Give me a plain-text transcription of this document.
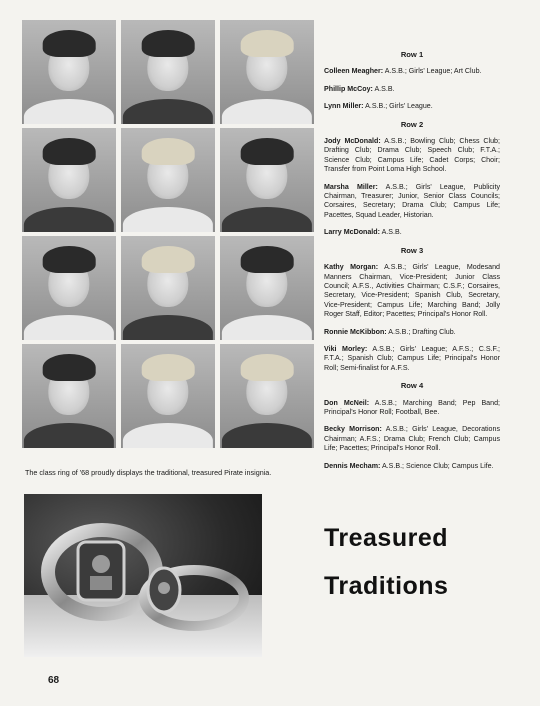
Row 1
Colleen Meagher: A.S.B.; Girls' League; Art Club.
Phillip McCoy: A.S.B.
Lynn Miller: A.S.B.; Girls' League.
Row 2
Jody McDonald: A.S.B.; Bowling Club; Chess Club; Drafting Club; Drama Club; Speech Club; F.T.A.; Science Club; Campus Life; Cadet Corps; Choir; Transfer from Point Loma High School.
Marsha Miller: A.S.B.; Girls' League, Publicity Chairman, Treasurer; Junior, Senior Class Councils; Corsaires, Secretary; Drama Club; Campus Life; Pacettes, Squad Leader, Historian.
Larry McDonald: A.S.B.
Row 3
Kathy Morgan: A.S.B.; Girls' League, Modesand Manners Chairman, Vice-President; Junior Class Council; A.F.S., Activities Chairman; C.S.F.; Corsaires, Secretary, Vice-President; Spanish Club, Secretary, Vice-President; Campus Life; Marching Band; Jolly Roger Staff, Editor; Pacettes; Principal's Honor Roll.
Ronnie McKibbon: A.S.B.; Drafting Club.
Viki Morley: A.S.B.; Girls' League; A.F.S.; C.S.F.; F.T.A.; Spanish Club; Campus Life; Principal's Honor Roll; Semi-finalist for A.F.S.
Row 4
Don McNeil: A.S.B.; Marching Band; Pep Band; Principal's Honor Roll; Football, Bee.
Becky Morrison: A.S.B.; Girls' League, Decorations Chairman; A.F.S.; Drama Club; French Club; Campus Life; Pacettes; Principal's Honor Roll.
Dennis Mecham: A.S.B.; Science Club; Campus Life.
The class ring of '68 proudly displays the traditional, treasured Pirate insignia.
Treasured
Traditions
68
